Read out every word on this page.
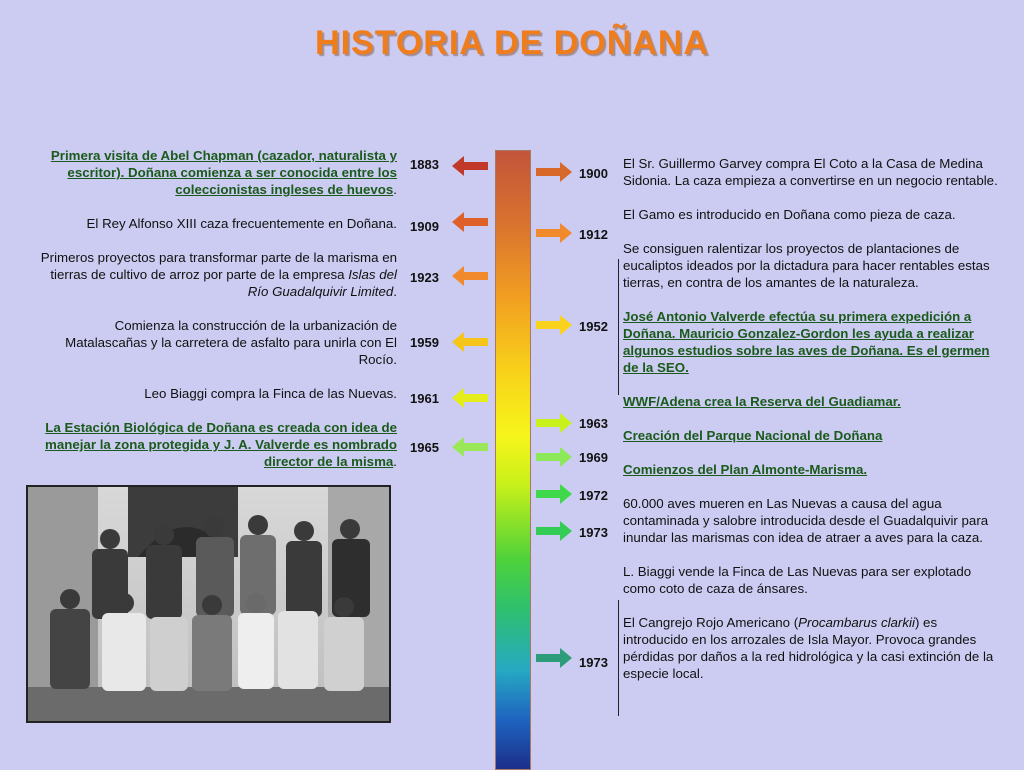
HISTORIA DE DOÑANA

Primera visita de Abel Chapman (cazador, naturalista y escritor). Doñana comienza a ser conocida entre los coleccionistas ingleses de huevos.

El Rey Alfonso XIII caza frecuentemente en Doñana.

Primeros proyectos para transformar parte de la marisma en tierras de cultivo de arroz por parte de la empresa Islas del Río Guadalquivir Limited.

Comienza la construcción de la urbanización de Matalascañas y la carretera de asfalto para unirla con El Rocío.

Leo Biaggi compra la Finca de las Nuevas.

La Estación Biológica de Doñana es creada con idea de manejar la zona protegida y J. A. Valverde es nombrado director de la misma.

1883
1909
1923
1959
1961
1965
1900
1912
1952
1963
1969
1972
1973
1973

El Sr. Guillermo Garvey compra El Coto a la Casa de Medina Sidonia. La caza empieza a convertirse en un negocio rentable.

El Gamo es introducido en Doñana como pieza de caza.

Se consiguen ralentizar los proyectos de plantaciones de eucaliptos ideados por la dictadura para hacer rentables estas tierras, en contra de los amantes de la naturaleza.

José Antonio Valverde efectúa su primera expedición a Doñana. Mauricio Gonzalez-Gordon les ayuda a realizar algunos estudios sobre las aves de Doñana. Es el germen de la SEO.

WWF/Adena crea la Reserva del Guadiamar.

Creación del Parque Nacional de Doñana

Comienzos del Plan Almonte-Marisma.

60.000 aves mueren en Las Nuevas a causa del agua contaminada y salobre introducida desde el Guadalquivir para inundar las marismas con idea de atraer a aves para la caza.

L. Biaggi vende la Finca de Las Nuevas para ser explotado como coto de caza de ánsares.

El Cangrejo Rojo Americano (Procambarus clarkii) es introducido en los arrozales de Isla Mayor. Provoca grandes pérdidas por daños a la red hidrológica y la casi extinción de la especie local.
